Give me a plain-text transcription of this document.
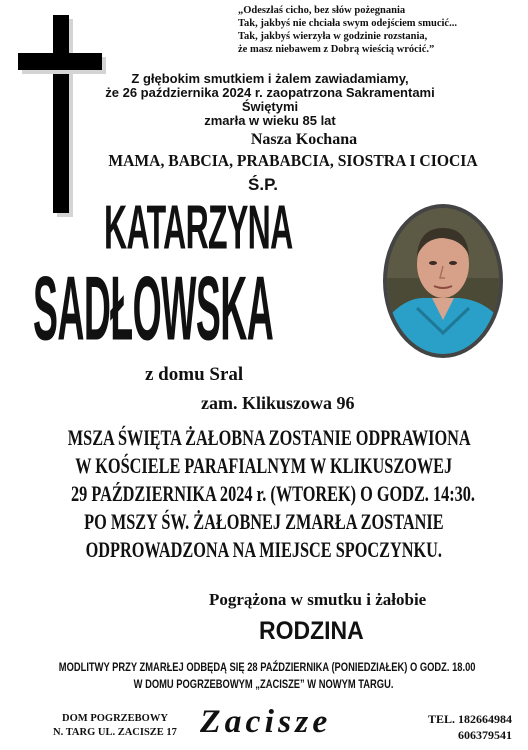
„Odeszłaś cicho, bez słów pożegnania
Tak, jakbyś nie chciała swym odejściem smucić...
Tak, jakbyś wierzyła w godzinie rozstania,
że masz niebawem z Dobrą wieścią wrócić.”
Z głębokim smutkiem i żalem zawiadamiamy,
że 26 października 2024 r. zaopatrzona Sakramentami Świętymi
zmarła w wieku 85 lat
Nasza Kochana
MAMA, BABCIA, PRABABCIA, SIOSTRA I CIOCIA
Ś.P.
KATARZYNA
SADŁOWSKA
z domu Sral
zam. Klikuszowa 96
MSZA ŚWIĘTA ŻAŁOBNA ZOSTANIE ODPRAWIONA
W KOŚCIELE PARAFIALNYM W KLIKUSZOWEJ
29 PAŹDZIERNIKA 2024 r. (WTOREK) O GODZ. 14:30.
PO MSZY ŚW. ŻAŁOBNEJ ZMARŁA ZOSTANIE
ODPROWADZONA NA MIEJSCE SPOCZYNKU.
Pogrążona w smutku i żałobie
RODZINA
MODLITWY PRZY ZMARŁEJ ODBĘDĄ SIĘ 28 PAŹDZIERNIKA (PONIEDZIAŁEK) O GODZ. 18.00
W DOMU POGRZEBOWYM „ZACISZE” W NOWYM TARGU.
DOM POGRZEBOWY
N. TARG UL. ZACISZE 17 Zacisze	TEL. 182664984
606379541
